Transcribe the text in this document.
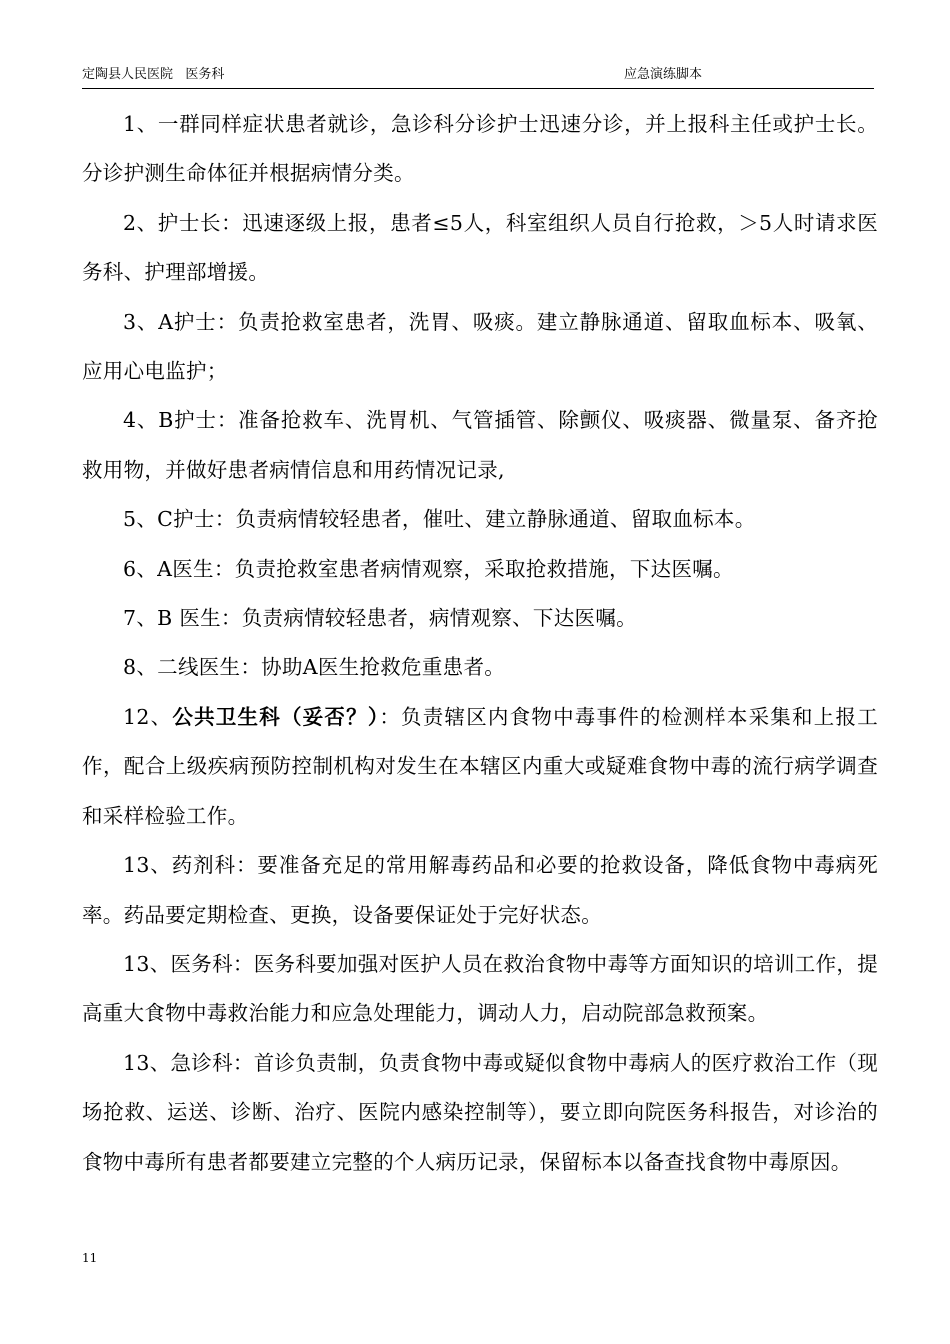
定陶县人民医院   医务科	应急演练脚本

1、一群同样症状患者就诊，急诊科分诊护士迅速分诊，并上报科主任或护士长。分诊护测生命体征并根据病情分类。

2、护士长：迅速逐级上报，患者≤5人，科室组织人员自行抢救，＞5人时请求医务科、护理部增援。

3、A护士：负责抢救室患者，洗胃、吸痰。建立静脉通道、留取血标本、吸氧、应用心电监护；

4、B护士：准备抢救车、洗胃机、气管插管、除颤仪、吸痰器、微量泵、备齐抢救用物，并做好患者病情信息和用药情况记录,

5、C护士：负责病情较轻患者，催吐、建立静脉通道、留取血标本。

6、A医生：负责抢救室患者病情观察，采取抢救措施，下达医嘱。

7、B 医生：负责病情较轻患者，病情观察、下达医嘱。

8、二线医生：协助A医生抢救危重患者。

12、公共卫生科（妥否？）：负责辖区内食物中毒事件的检测样本采集和上报工作，配合上级疾病预防控制机构对发生在本辖区内重大或疑难食物中毒的流行病学调查和采样检验工作。

13、药剂科：要准备充足的常用解毒药品和必要的抢救设备，降低食物中毒病死率。药品要定期检查、更换，设备要保证处于完好状态。

13、医务科：医务科要加强对医护人员在救治食物中毒等方面知识的培训工作，提高重大食物中毒救治能力和应急处理能力，调动人力，启动院部急救预案。

13、急诊科：首诊负责制，负责食物中毒或疑似食物中毒病人的医疗救治工作（现场抢救、运送、诊断、治疗、医院内感染控制等），要立即向院医务科报告，对诊治的食物中毒所有患者都要建立完整的个人病历记录，保留标本以备查找食物中毒原因。

11
